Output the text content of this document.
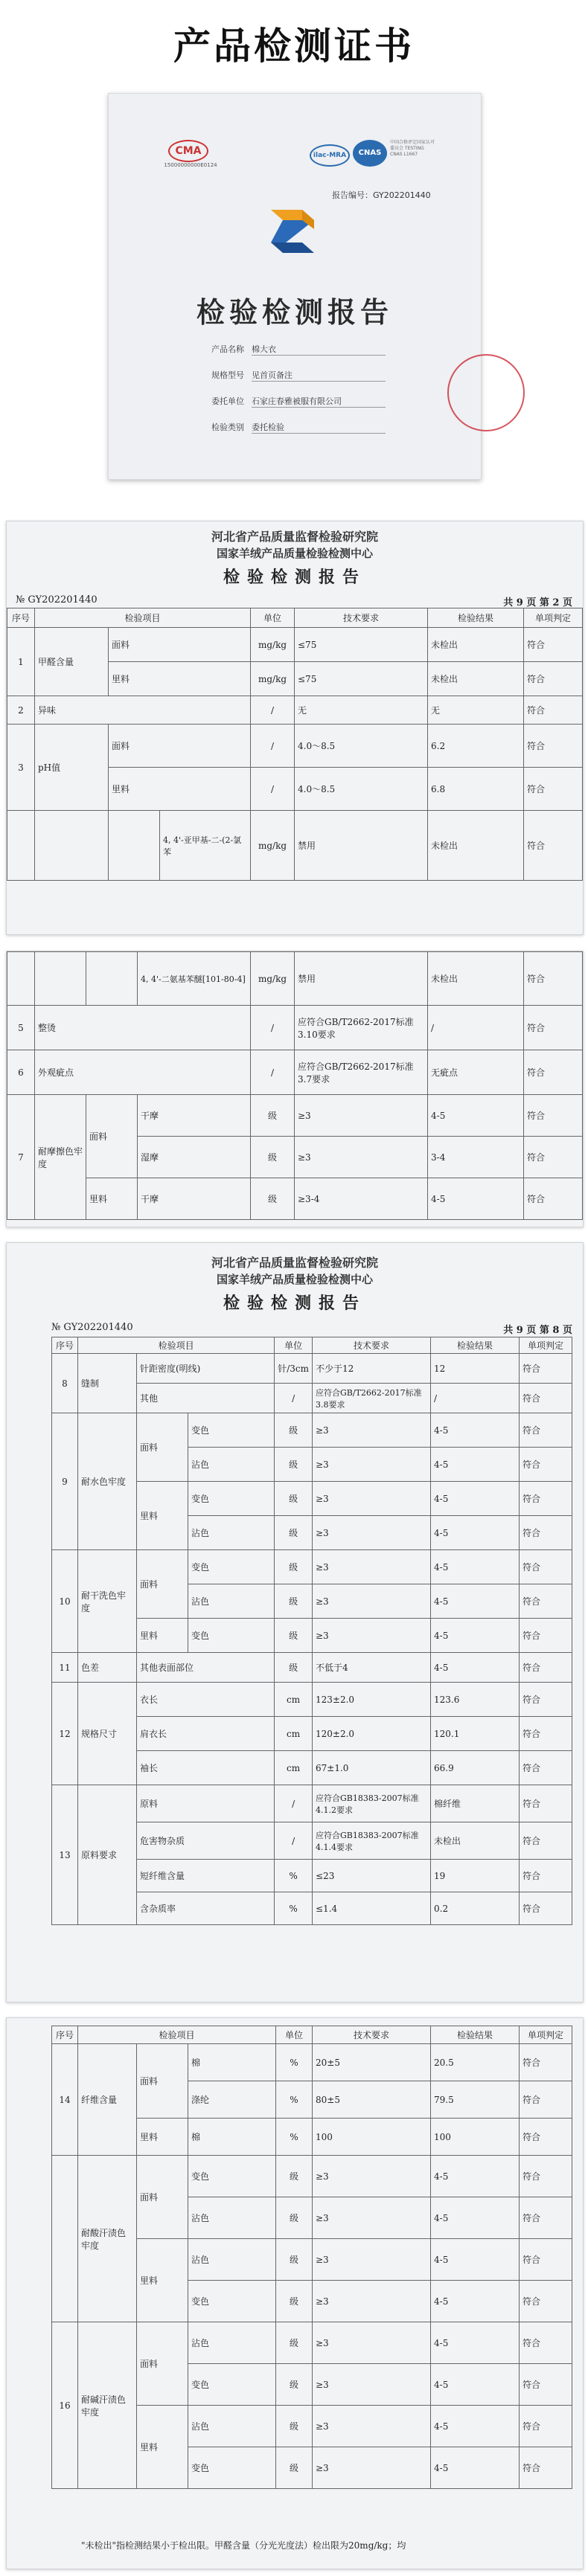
产品检测证书
CMA
15000000000E0124
ilac-MRA	CNAS
中国合格评定国家认可委员会 TESTING CNAS L1667
报告编号：GY202201440
检验检测报告
产品名称 棉大衣
规格型号 见首页备注
委托单位 石家庄春雅被服有限公司
检验类别 委托检验
河北省产品质量监督检验研究院
国家羊绒产品质量检验检测中心
检验检测报告
№ GY202201440	共 9 页 第 2 页
序号	检验项目			单位	技术要求	检验结果	单项判定
1	甲醛含量	面料		mg/kg	≤75	未检出	符合
		里料		mg/kg	≤75	未检出	符合
2	异味			/	无	无	符合
3	pH值	面料		/	4.0～8.5	6.2	符合
		里料		/	4.0～8.5	6.8	符合
			4, 4'-亚甲基-二-(2-氯苯	mg/kg	禁用	未检出	符合
			4, 4'-二氨基苯醚[101-80-4]	mg/kg	禁用	未检出	符合
5	整烫			/	应符合GB/T2662-2017标准3.10要求	/	符合
6	外观疵点			/	应符合GB/T2662-2017标准3.7要求	无疵点	符合
7	耐摩擦色牢度	面料	干摩	级	≥3	4-5	符合
			湿摩	级	≥3	3-4	符合
		里料	干摩	级	≥3-4	4-5	符合
河北省产品质量监督检验研究院
国家羊绒产品质量检验检测中心
检验检测报告
№ GY202201440	共 9 页 第 8 页
序号	检验项目			单位	技术要求	检验结果	单项判定
8	缝制	针距密度(明线)		针/3cm	不少于12	12	符合
		其他		/	应符合GB/T2662-2017标准3.8要求	/	符合
9	耐水色牢度	面料	变色	级	≥3	4-5	符合
			沾色	级	≥3	4-5	符合
		里料	变色	级	≥3	4-5	符合
			沾色	级	≥3	4-5	符合
10	耐干洗色牢度	面料	变色	级	≥3	4-5	符合
			沾色	级	≥3	4-5	符合
		里料	变色	级	≥3	4-5	符合
11	色差	其他表面部位		级	不低于4	4-5	符合
12	规格尺寸	衣长		cm	123±2.0	123.6	符合
		肩衣长		cm	120±2.0	120.1	符合
		袖长		cm	67±1.0	66.9	符合
13	原料要求	原料		/	应符合GB18383-2007标准4.1.2要求	棉纤维	符合
		危害物杂质		/	应符合GB18383-2007标准4.1.4要求	未检出	符合
		短纤维含量		%	≤23	19	符合
		含杂质率		%	≤1.4	0.2	符合
序号	检验项目			单位	技术要求	检验结果	单项判定
14	纤维含量	面料	棉	%	20±5	20.5	符合
			涤纶	%	80±5	79.5	符合
		里料	棉	%	100	100	符合
	耐酸汗渍色牢度	面料	变色	级	≥3	4-5	符合
			沾色	级	≥3	4-5	符合
		里料	沾色	级	≥3	4-5	符合
			变色	级	≥3	4-5	符合
16	耐碱汗渍色牢度	面料	沾色	级	≥3	4-5	符合
			变色	级	≥3	4-5	符合
		里料	沾色	级	≥3	4-5	符合
			变色	级	≥3	4-5	符合
"未检出"指检测结果小于检出限。甲醛含量（分光光度法）检出限为20mg/kg；均
